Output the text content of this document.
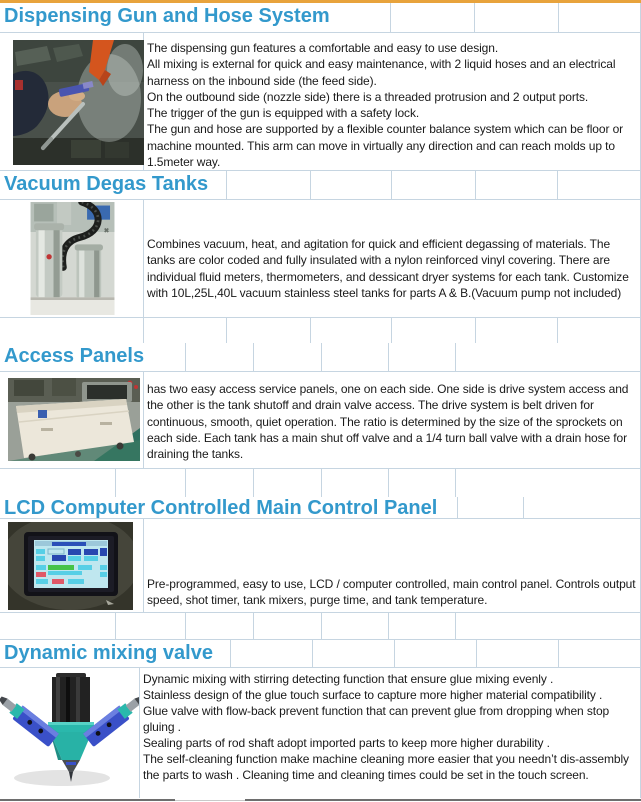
Dispensing Gun and Hose System
The dispensing gun features a comfortable and easy to use design.
All mixing is external for quick and easy maintenance, with 2 liquid hoses and an electrical harness on the inbound side (the feed side).
On the outbound side (nozzle side) there is a threaded protrusion and 2 output ports.
The trigger of the gun is equipped with a safety lock.
The gun and hose are supported by a flexible counter balance system which can be floor or machine mounted. This arm can move in virtually any direction and can reach molds up to 1.5meter way.
Vacuum Degas Tanks
Combines vacuum, heat, and agitation for quick and efficient degassing of materials. The tanks are color coded and fully insulated with a nylon reinforced vinyl covering. There are individual fluid meters, thermometers, and dessicant dryer systems for each tank. Customize with 10L,25L,40L vacuum stainless steel tanks for parts A & B.(Vacuum pump not included)
Access Panels
has two easy access service panels, one on each side. One side is drive system access and the other is the tank shutoff and drain valve access. The drive system is belt driven for continuous, smooth, quiet operation. The ratio is determined by the size of the sprockets on each side. Each tank has a main shut off valve and a 1/4 turn ball valve with a drain hose for draining the tanks.
LCD Computer Controlled Main Control Panel
Pre-programmed, easy to use, LCD / computer controlled, main control panel. Controls output speed, shot timer, tank mixers, purge time, and tank temperature.
Dynamic mixing valve
Dynamic mixing with stirring detecting function that ensure glue mixing evenly .
Stainless design of the glue touch surface to capture more higher material compatibility .
Glue valve with flow-back prevent function that can prevent glue from dropping when stop gluing .
Sealing parts of rod shaft adopt imported parts to keep more higher durability .
The self-cleaning function make machine cleaning more easier that you needn’t dis-assembly the parts to wash . Cleaning time and cleaning times could be set in the touch screen.
